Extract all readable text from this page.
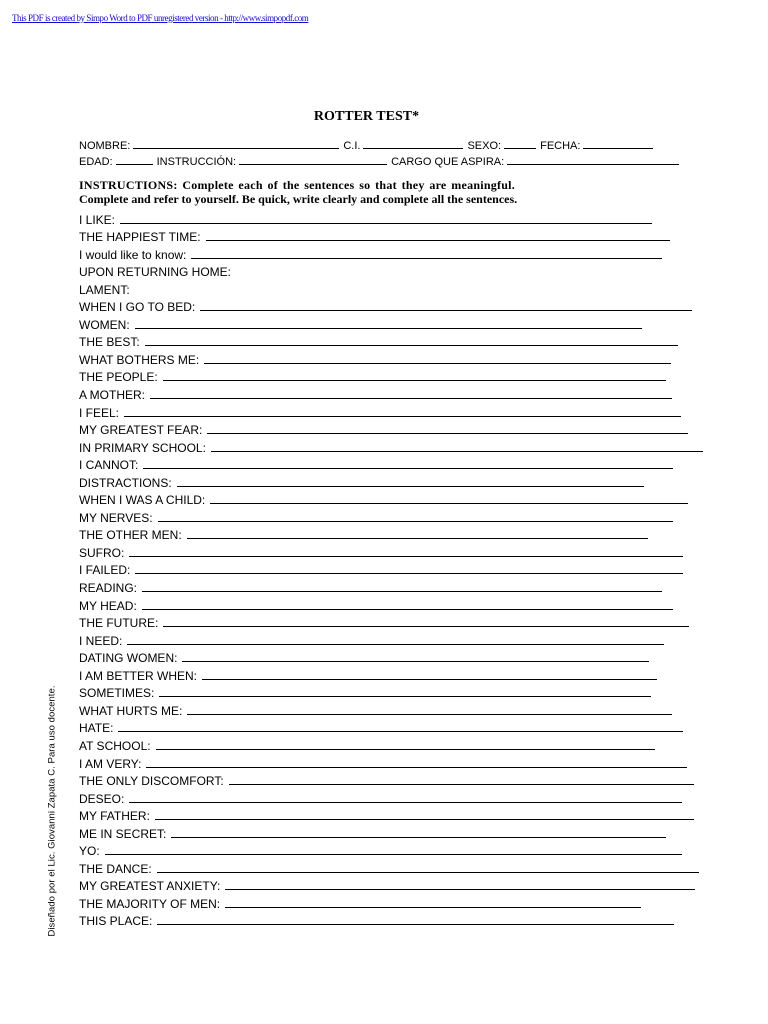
This PDF is created by Simpo Word to PDF unregistered version - http://www.simpopdf.com
ROTTER TEST*
NOMBRE:	C.I.	SEXO:	FECHA:
EDAD:	INSTRUCCIÓN:	CARGO QUE ASPIRA:
INSTRUCTIONS: Complete each of the sentences so that they are meaningful.
Complete and refer to yourself. Be quick, write clearly and complete all the sentences.
I LIKE:
THE HAPPIEST TIME:
I would like to know:
UPON RETURNING HOME:
LAMENT:
WHEN I GO TO BED:
WOMEN:
THE BEST:
WHAT BOTHERS ME:
THE PEOPLE:
A MOTHER:
I FEEL:
MY GREATEST FEAR:
IN PRIMARY SCHOOL:
I CANNOT:
DISTRACTIONS:
WHEN I WAS A CHILD:
MY NERVES:
THE OTHER MEN:
SUFRO:
I FAILED:
READING:
MY HEAD:
THE FUTURE:
I NEED:
DATING WOMEN:
I AM BETTER WHEN:
SOMETIMES:
WHAT HURTS ME:
HATE:
AT SCHOOL:
I AM VERY:
THE ONLY DISCOMFORT:
DESEO:
MY FATHER:
ME IN SECRET:
YO:
THE DANCE:
MY GREATEST ANXIETY:
THE MAJORITY OF MEN:
THIS PLACE:
Diseñado por el Lic. Giovanni Zapata C. Para uso docente.
